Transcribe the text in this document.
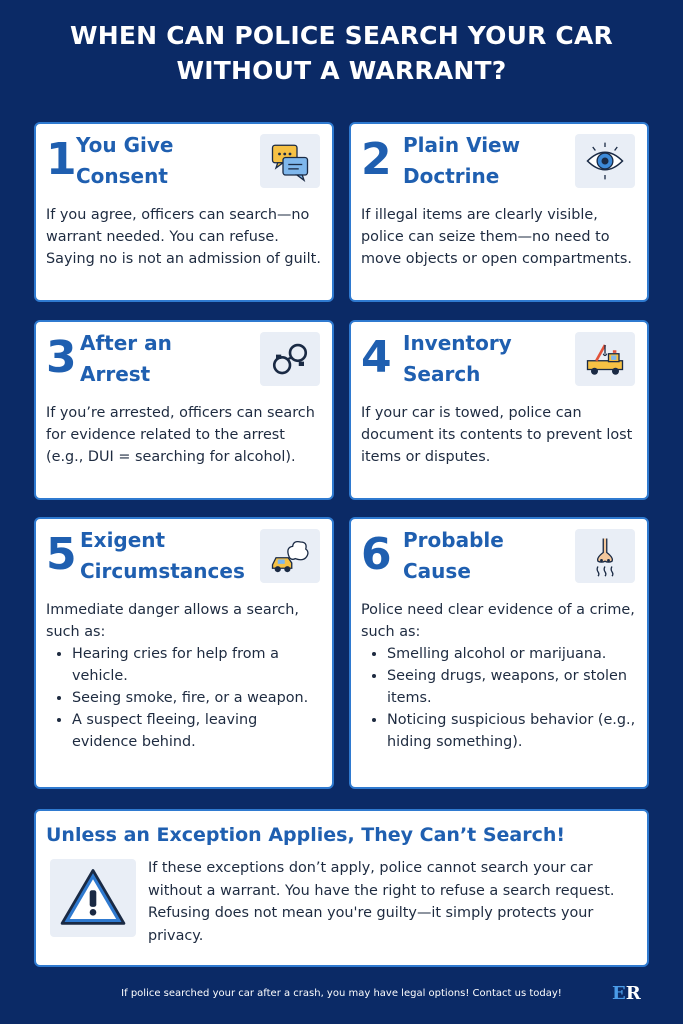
WHEN CAN POLICE SEARCH YOUR CAR
WITHOUT A WARRANT?
1 You Give
Consent
If you agree, officers can search—no warrant needed. You can refuse. Saying no is not an admission of guilt.
2 Plain View
Doctrine
If illegal items are clearly visible, police can seize them—no need to move objects or open compartments.
3 After an
Arrest
If you’re arrested, officers can search for evidence related to the arrest (e.g., DUI = searching for alcohol).
4 Inventory
Search
If your car is towed, police can document its contents to prevent lost items or disputes.
5 Exigent
Circumstances
Immediate danger allows a search, such as:
• Hearing cries for help from a vehicle.
• Seeing smoke, fire, or a weapon.
• A suspect fleeing, leaving evidence behind.
6 Probable
Cause
Police need clear evidence of a crime, such as:
• Smelling alcohol or marijuana.
• Seeing drugs, weapons, or stolen items.
• Noticing suspicious behavior (e.g., hiding something).
Unless an Exception Applies, They Can’t Search!
If these exceptions don’t apply, police cannot search your car without a warrant. You have the right to refuse a search request. Refusing does not mean you're guilty—it simply protects your privacy.
If police searched your car after a crash, you may have legal options! Contact us today!	ER
